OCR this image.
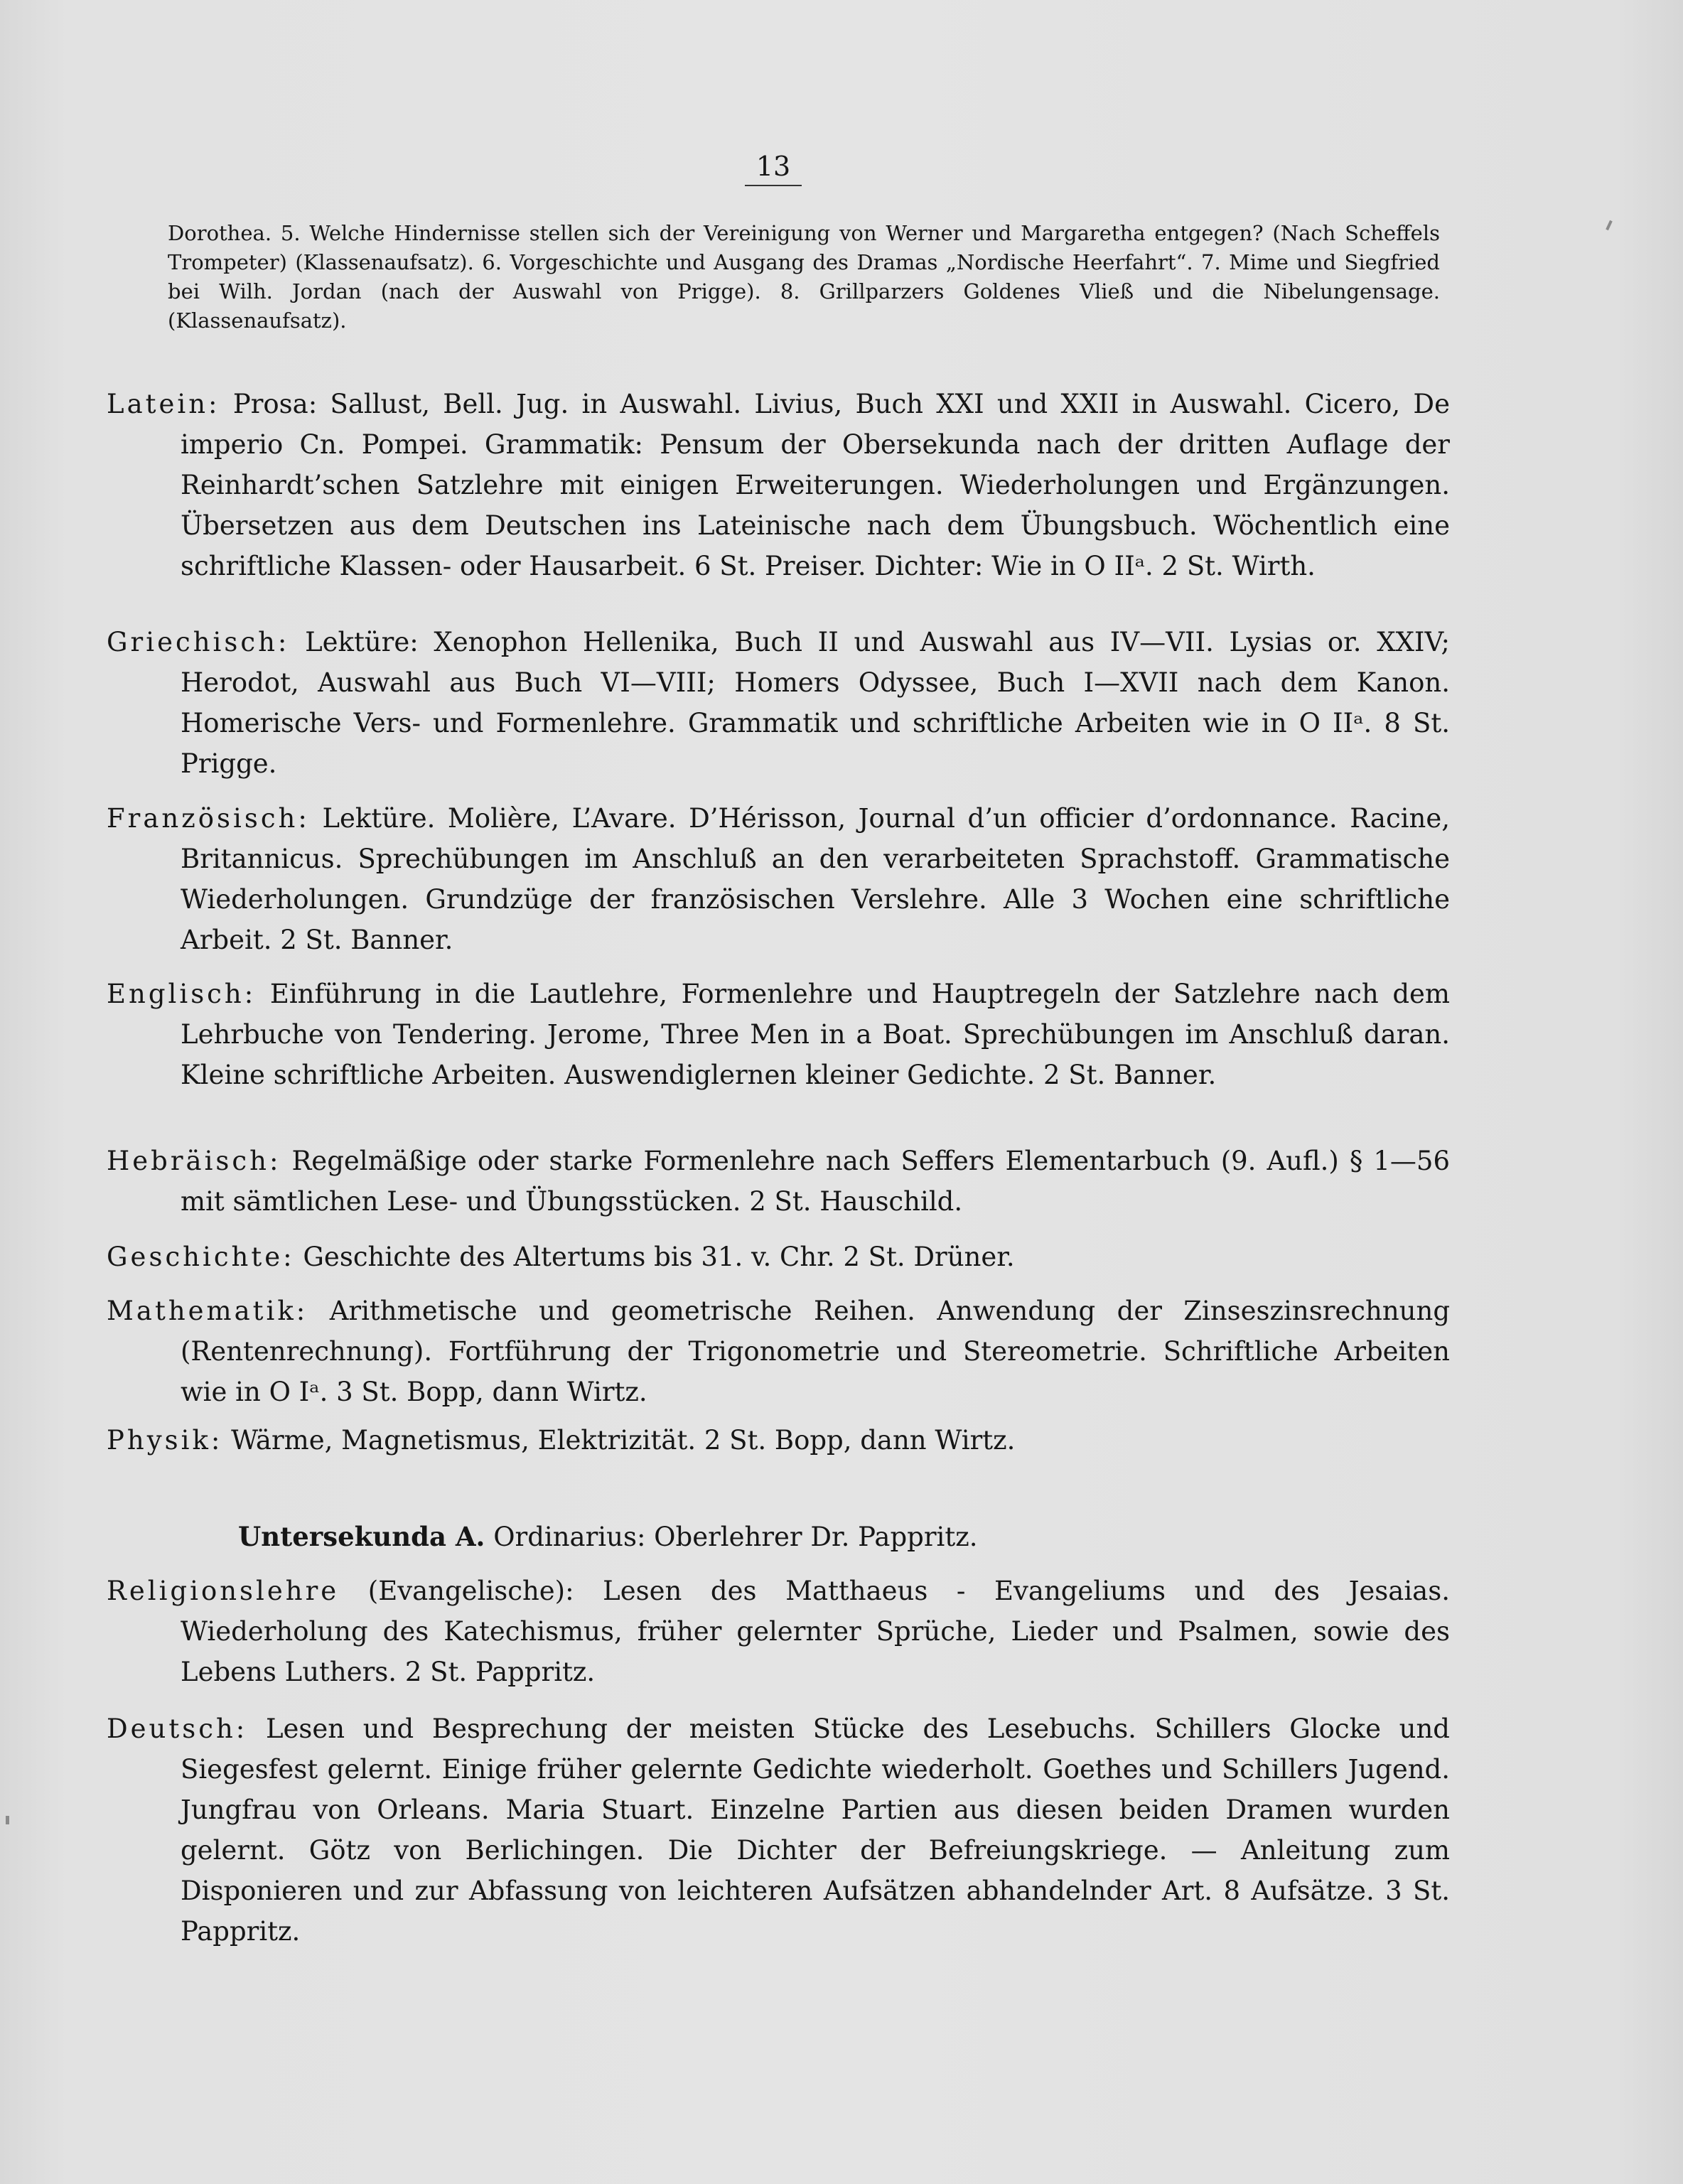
13

Dorothea. 5. Welche Hindernisse stellen sich der Vereinigung von Werner und Margaretha entgegen? (Nach Scheffels Trompeter) (Klassenaufsatz). 6. Vorgeschichte und Ausgang des Dramas „Nordische Heerfahrt“. 7. Mime und Siegfried bei Wilh. Jordan (nach der Auswahl von Prigge). 8. Grillparzers Goldenes Vließ und die Nibelungensage. (Klassenaufsatz).

Latein: Prosa: Sallust, Bell. Jug. in Auswahl. Livius, Buch XXI und XXII in Auswahl. Cicero, De imperio Cn. Pompei. Grammatik: Pensum der Obersekunda nach der dritten Auflage der Reinhardt’schen Satzlehre mit einigen Erweiterungen. Wiederholungen und Ergänzungen. Übersetzen aus dem Deutschen ins Lateinische nach dem Übungsbuch. Wöchentlich eine schriftliche Klassen- oder Hausarbeit. 6 St. Preiser. Dichter: Wie in O IIᵃ. 2 St. Wirth.

Griechisch: Lektüre: Xenophon Hellenika, Buch II und Auswahl aus IV—VII. Lysias or. XXIV; Herodot, Auswahl aus Buch VI—VIII; Homers Odyssee, Buch I—XVII nach dem Kanon. Homerische Vers- und Formenlehre. Grammatik und schriftliche Arbeiten wie in O IIᵃ. 8 St. Prigge.

Französisch: Lektüre. Molière, L’Avare. D’Hérisson, Journal d’un officier d’ordonnance. Racine, Britannicus. Sprechübungen im Anschluß an den verarbeiteten Sprachstoff. Grammatische Wiederholungen. Grundzüge der französischen Verslehre. Alle 3 Wochen eine schriftliche Arbeit. 2 St. Banner.

Englisch: Einführung in die Lautlehre, Formenlehre und Hauptregeln der Satzlehre nach dem Lehrbuche von Tendering. Jerome, Three Men in a Boat. Sprechübungen im Anschluß daran. Kleine schriftliche Arbeiten. Auswendiglernen kleiner Gedichte. 2 St. Banner.

Hebräisch: Regelmäßige oder starke Formenlehre nach Seffers Elementarbuch (9. Aufl.) § 1—56 mit sämtlichen Lese- und Übungsstücken. 2 St. Hauschild.

Geschichte: Geschichte des Altertums bis 31. v. Chr. 2 St. Drüner.

Mathematik: Arithmetische und geometrische Reihen. Anwendung der Zinseszinsrechnung (Rentenrechnung). Fortführung der Trigonometrie und Stereometrie. Schriftliche Arbeiten wie in O Iᵃ. 3 St. Bopp, dann Wirtz.

Physik: Wärme, Magnetismus, Elektrizität. 2 St. Bopp, dann Wirtz.

Untersekunda A. Ordinarius: Oberlehrer Dr. Pappritz.

Religionslehre (Evangelische): Lesen des Matthaeus - Evangeliums und des Jesaias. Wiederholung des Katechismus, früher gelernter Sprüche, Lieder und Psalmen, sowie des Lebens Luthers. 2 St. Pappritz.

Deutsch: Lesen und Besprechung der meisten Stücke des Lesebuchs. Schillers Glocke und Siegesfest gelernt. Einige früher gelernte Gedichte wiederholt. Goethes und Schillers Jugend. Jungfrau von Orleans. Maria Stuart. Einzelne Partien aus diesen beiden Dramen wurden gelernt. Götz von Berlichingen. Die Dichter der Befreiungskriege. — Anleitung zum Disponieren und zur Abfassung von leichteren Aufsätzen abhandelnder Art. 8 Aufsätze. 3 St. Pappritz.
